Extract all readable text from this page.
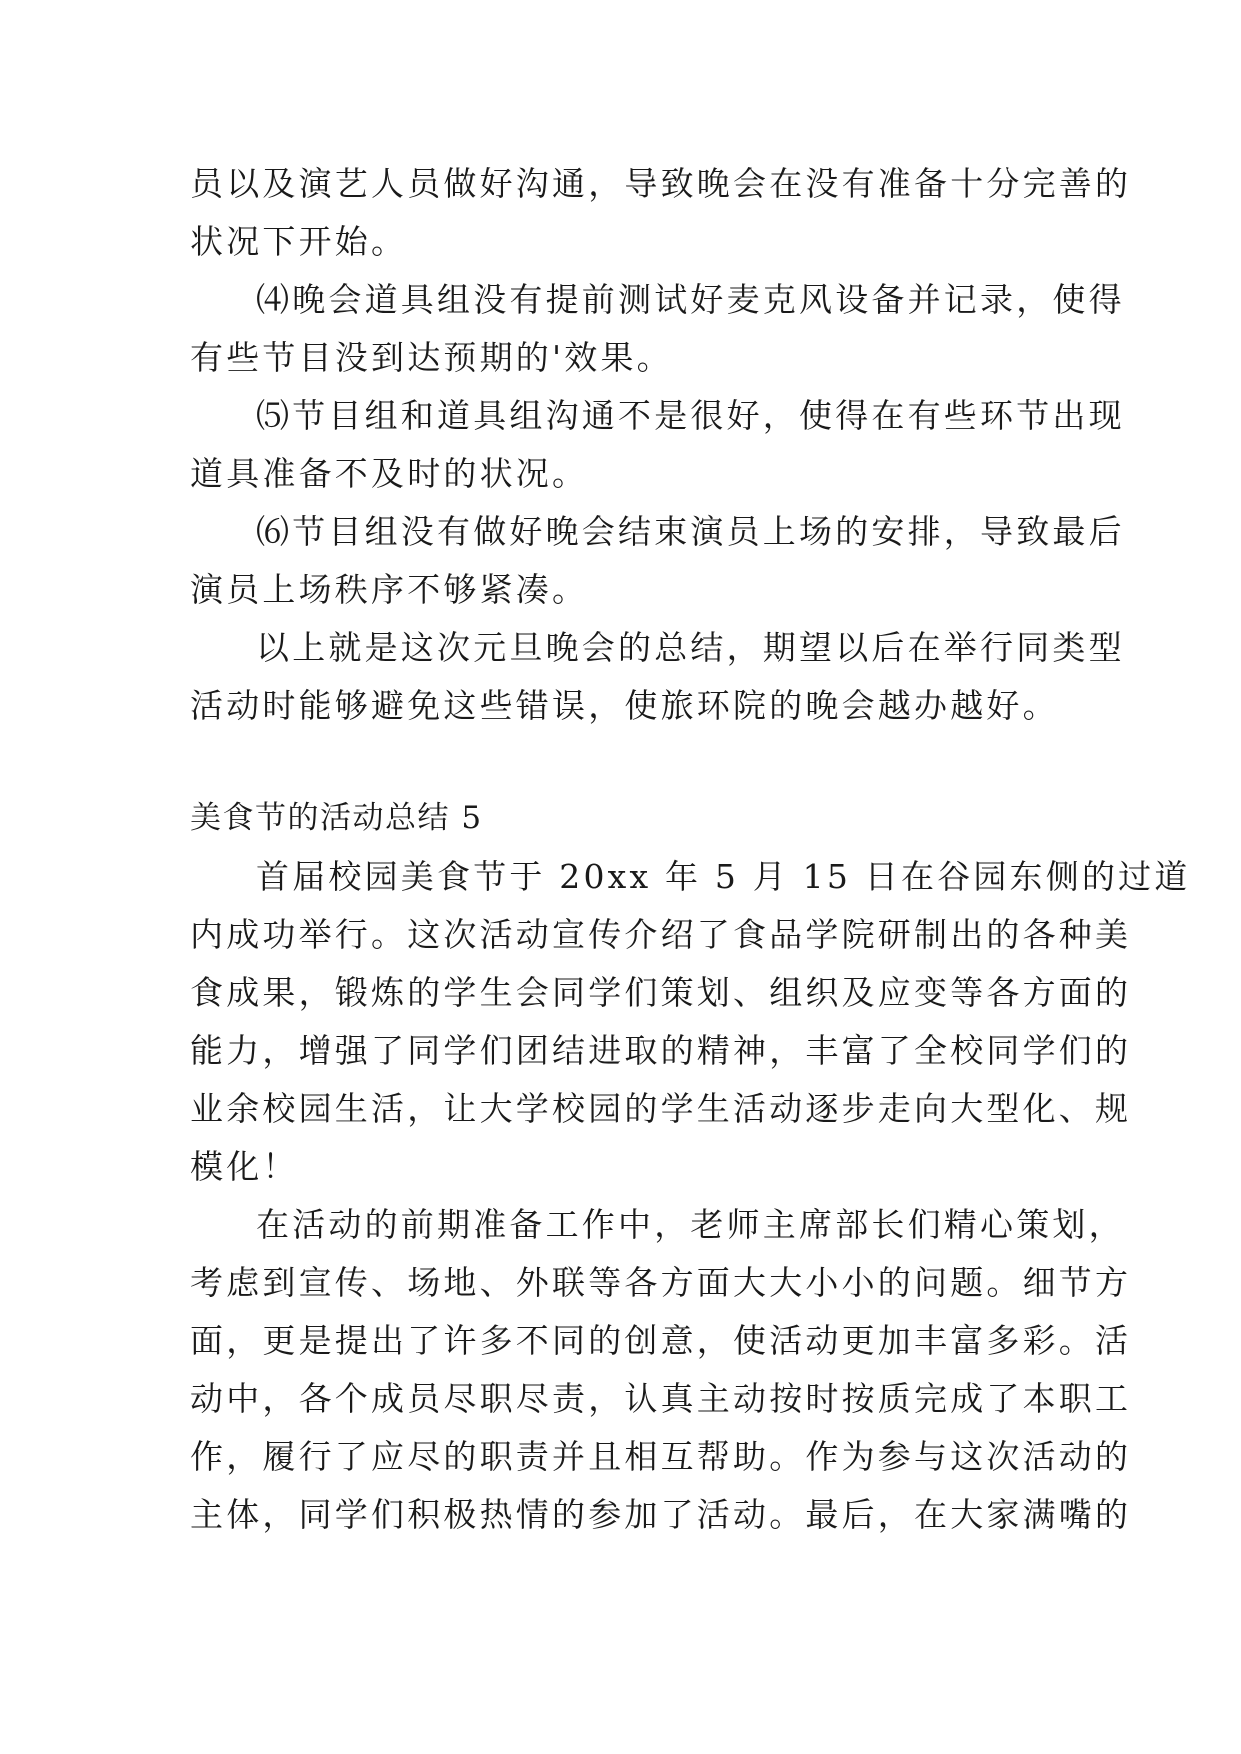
员以及演艺人员做好沟通，导致晚会在没有准备十分完善的
状况下开始。
⑷晚会道具组没有提前测试好麦克风设备并记录，使得
有些节目没到达预期的'效果。
⑸节目组和道具组沟通不是很好，使得在有些环节出现
道具准备不及时的状况。
⑹节目组没有做好晚会结束演员上场的安排，导致最后
演员上场秩序不够紧凑。
以上就是这次元旦晚会的总结，期望以后在举行同类型
活动时能够避免这些错误，使旅环院的晚会越办越好。
美食节的活动总结 5
首届校园美食节于 20xx 年 5 月 15 日在谷园东侧的过道
内成功举行。这次活动宣传介绍了食品学院研制出的各种美
食成果，锻炼的学生会同学们策划、组织及应变等各方面的
能力，增强了同学们团结进取的精神，丰富了全校同学们的
业余校园生活，让大学校园的学生活动逐步走向大型化、规
模化！
在活动的前期准备工作中，老师主席部长们精心策划，
考虑到宣传、场地、外联等各方面大大小小的问题。细节方
面，更是提出了许多不同的创意，使活动更加丰富多彩。活
动中，各个成员尽职尽责，认真主动按时按质完成了本职工
作，履行了应尽的职责并且相互帮助。作为参与这次活动的
主体，同学们积极热情的参加了活动。最后，在大家满嘴的
